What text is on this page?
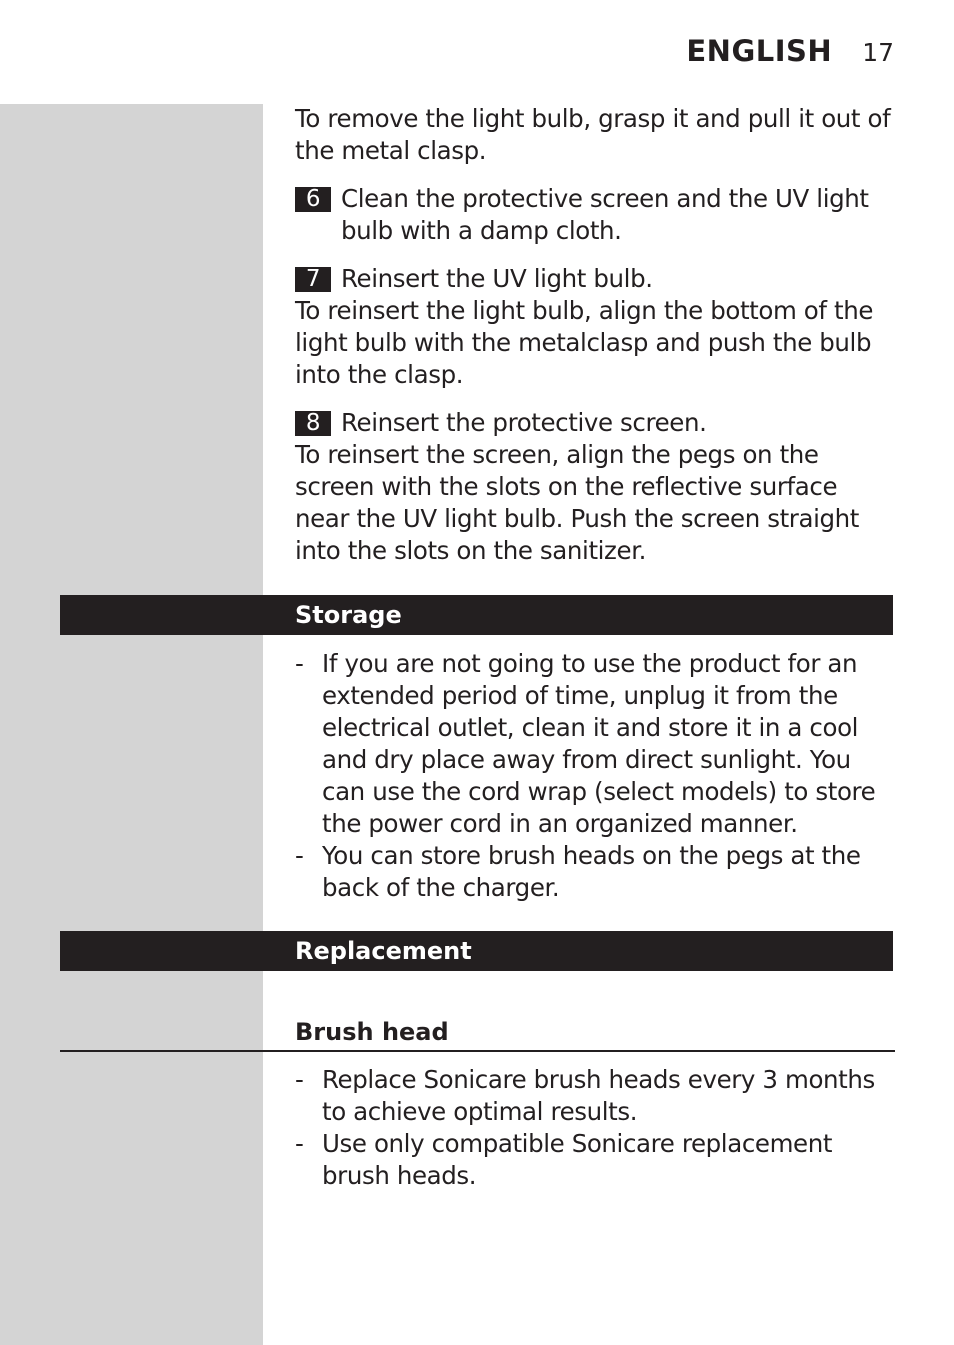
ENGLISH 17

To remove the light bulb, grasp it and pull it out of the metal clasp.

6 Clean the protective screen and the UV light bulb with a damp cloth.
7 Reinsert the UV light bulb.

To reinsert the light bulb, align the bottom of the light bulb with the metalclasp and push the bulb into the clasp.

8 Reinsert the protective screen.

To reinsert the screen, align the pegs on the screen with the slots on the reflective surface near the UV light bulb. Push the screen straight into the slots on the sanitizer.

Storage
- If you are not going to use the product for an extended period of time, unplug it from the electrical outlet, clean it and store it in a cool and dry place away from direct sunlight. You can use the cord wrap (select models) to store the power cord in an organized manner.
- You can store brush heads on the pegs at the back of the charger.
Replacement
Brush head
- Replace Sonicare brush heads every 3 months to achieve optimal results.
- Use only compatible Sonicare replacement brush heads.
